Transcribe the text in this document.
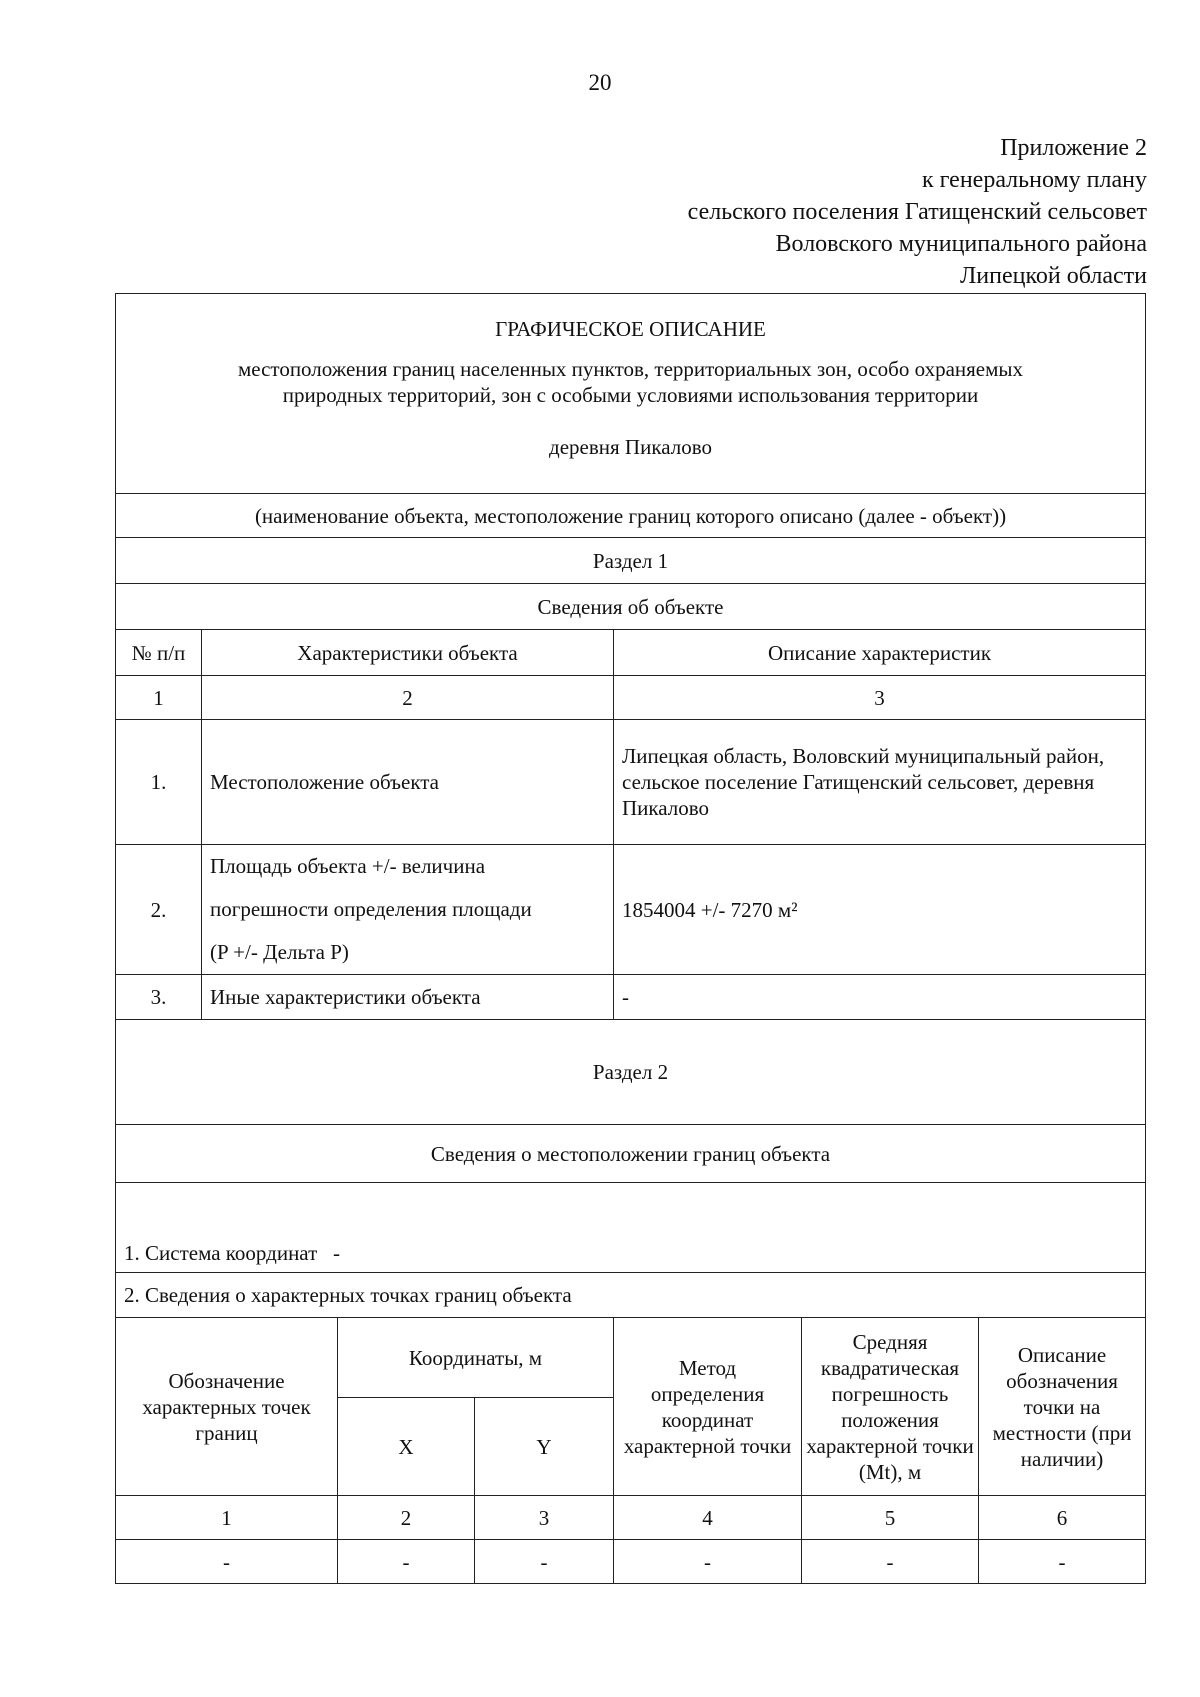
20
Приложение 2
к генеральному плану
сельского поселения Гатищенский сельсовет
Воловского муниципального района
Липецкой области
ГРАФИЧЕСКОЕ ОПИСАНИЕ
местоположения границ населенных пунктов, территориальных зон, особо охраняемых
природных территорий, зон с особыми условиями использования территории
деревня Пикалово						

(наименование объекта, местоположение границ которого описано (далее - объект))						
Раздел 1						
Сведения об объекте						
№ п/п	Характеристики объекта			Описание характеристик		
1	2			3		
1.	Местоположение объекта			Липецкая область, Воловский муниципальный район, сельское поселение Гатищенский сельсовет, деревня Пикалово		
2.	Площадь объекта +/- величина
погрешности определения площади
(P +/- Дельта P)			1854004 +/- 7270 м²		
3.	Иные характеристики объекта			-		
Раздел 2						
Сведения о местоположении границ объекта						
1. Система координат   -						
2. Сведения о характерных точках границ объекта						
Обозначение характерных точек границ		Координаты, м		Метод определения координат характерной точки	Средняя квадратическая погрешность положения характерной точки (Mt), м	Описание обозначения точки на местности (при наличии)
		X	Y			
1		2	3	4	5	6
-		-	-	-	-	-
